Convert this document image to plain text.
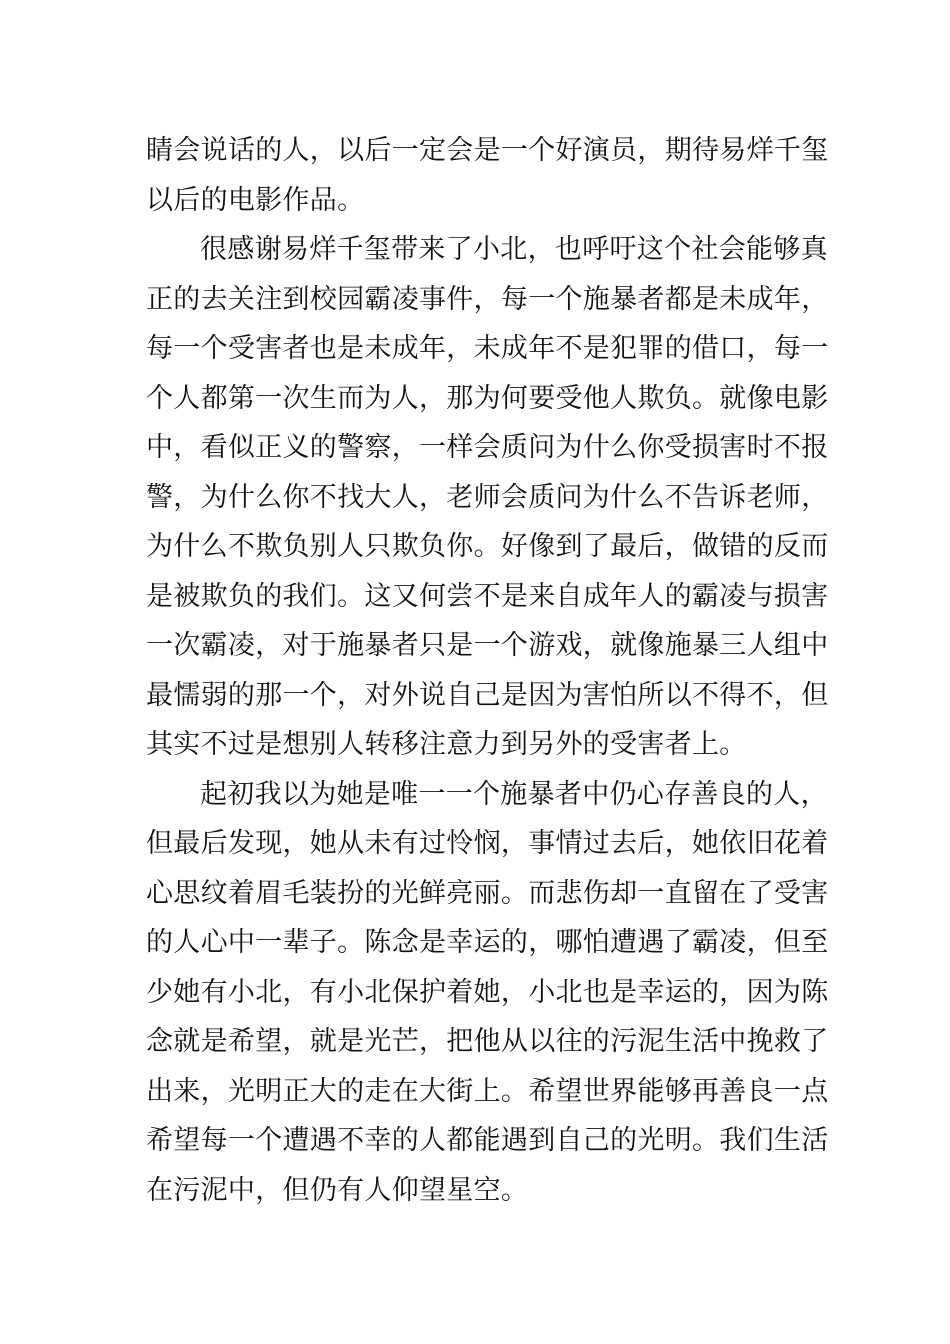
睛会说话的人，以后一定会是一个好演员，期待易烊千玺
以后的电影作品。
很感谢易烊千玺带来了小北，也呼吁这个社会能够真
正的去关注到校园霸凌事件，每一个施暴者都是未成年，
每一个受害者也是未成年，未成年不是犯罪的借口，每一
个人都第一次生而为人，那为何要受他人欺负。就像电影
中，看似正义的警察，一样会质问为什么你受损害时不报
警，为什么你不找大人，老师会质问为什么不告诉老师，
为什么不欺负别人只欺负你。好像到了最后，做错的反而
是被欺负的我们。这又何尝不是来自成年人的霸凌与损害
一次霸凌，对于施暴者只是一个游戏，就像施暴三人组中
最懦弱的那一个，对外说自己是因为害怕所以不得不，但
其实不过是想别人转移注意力到另外的受害者上。
起初我以为她是唯一一个施暴者中仍心存善良的人，
但最后发现，她从未有过怜悯，事情过去后，她依旧花着
心思纹着眉毛装扮的光鲜亮丽。而悲伤却一直留在了受害
的人心中一辈子。陈念是幸运的，哪怕遭遇了霸凌，但至
少她有小北，有小北保护着她，小北也是幸运的，因为陈
念就是希望，就是光芒，把他从以往的污泥生活中挽救了
出来，光明正大的走在大街上。希望世界能够再善良一点
希望每一个遭遇不幸的人都能遇到自己的光明。我们生活
在污泥中，但仍有人仰望星空。
